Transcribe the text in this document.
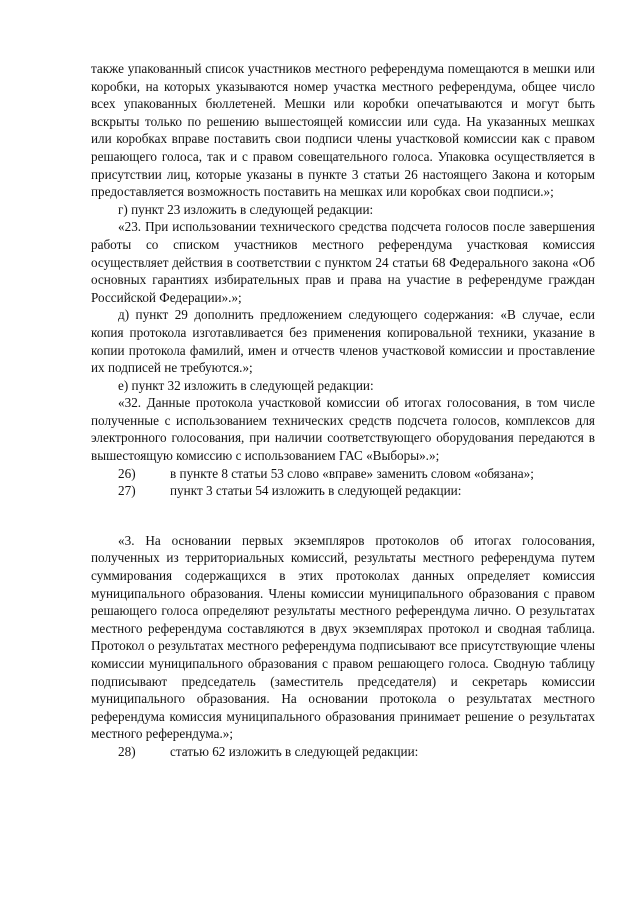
также упакованный список участников местного референдума помещаются в мешки или коробки, на которых указываются номер участка местного референдума, общее число всех упакованных бюллетеней. Мешки или коробки опечатываются и могут быть вскрыты только по решению вышестоящей комиссии или суда. На указанных мешках или коробках вправе поставить свои подписи члены участковой комиссии как с правом решающего голоса, так и с правом совещательного голоса. Упаковка осуществляется в присутствии лиц, которые указаны в пункте 3 статьи 26 настоящего Закона и которым предоставляется возможность поставить на мешках или коробках свои подписи.»;

г) пункт 23 изложить в следующей редакции:

«23. При использовании технического средства подсчета голосов после завершения работы со списком участников местного референдума участковая комиссия осуществляет действия в соответствии с пунктом 24 статьи 68 Федерального закона «Об основных гарантиях избирательных прав и права на участие в референдуме граждан Российской Федерации».»;

д) пункт 29 дополнить предложением следующего содержания: «В случае, если копия протокола изготавливается без применения копировальной техники, указание в копии протокола фамилий, имен и отчеств членов участковой комиссии и проставление их подписей не требуются.»;

е) пункт 32 изложить в следующей редакции:

«32. Данные протокола участковой комиссии об итогах голосования, в том числе полученные с использованием технических средств подсчета голосов, комплексов для электронного голосования, при наличии соответствующего оборудования передаются в вышестоящую комиссию с использованием ГАС «Выборы».»;

26)	в пункте 8 статьи 53 слово «вправе» заменить словом «обязана»;

27)	пункт 3 статьи 54 изложить в следующей редакции:

«3. На основании первых экземпляров протоколов об итогах голосования, полученных из территориальных комиссий, результаты местного референдума путем суммирования содержащихся в этих протоколах данных определяет комиссия муниципального образования. Члены комиссии муниципального образования с правом решающего голоса определяют результаты местного референдума лично. О результатах местного референдума составляются в двух экземплярах протокол и сводная таблица. Протокол о результатах местного референдума подписывают все присутствующие члены комиссии муниципального образования с правом решающего голоса. Сводную таблицу подписывают председатель (заместитель председателя) и секретарь комиссии муниципального образования. На основании протокола о результатах местного референдума комиссия муниципального образования принимает решение о результатах местного референдума.»;

28)	статью 62 изложить в следующей редакции:
